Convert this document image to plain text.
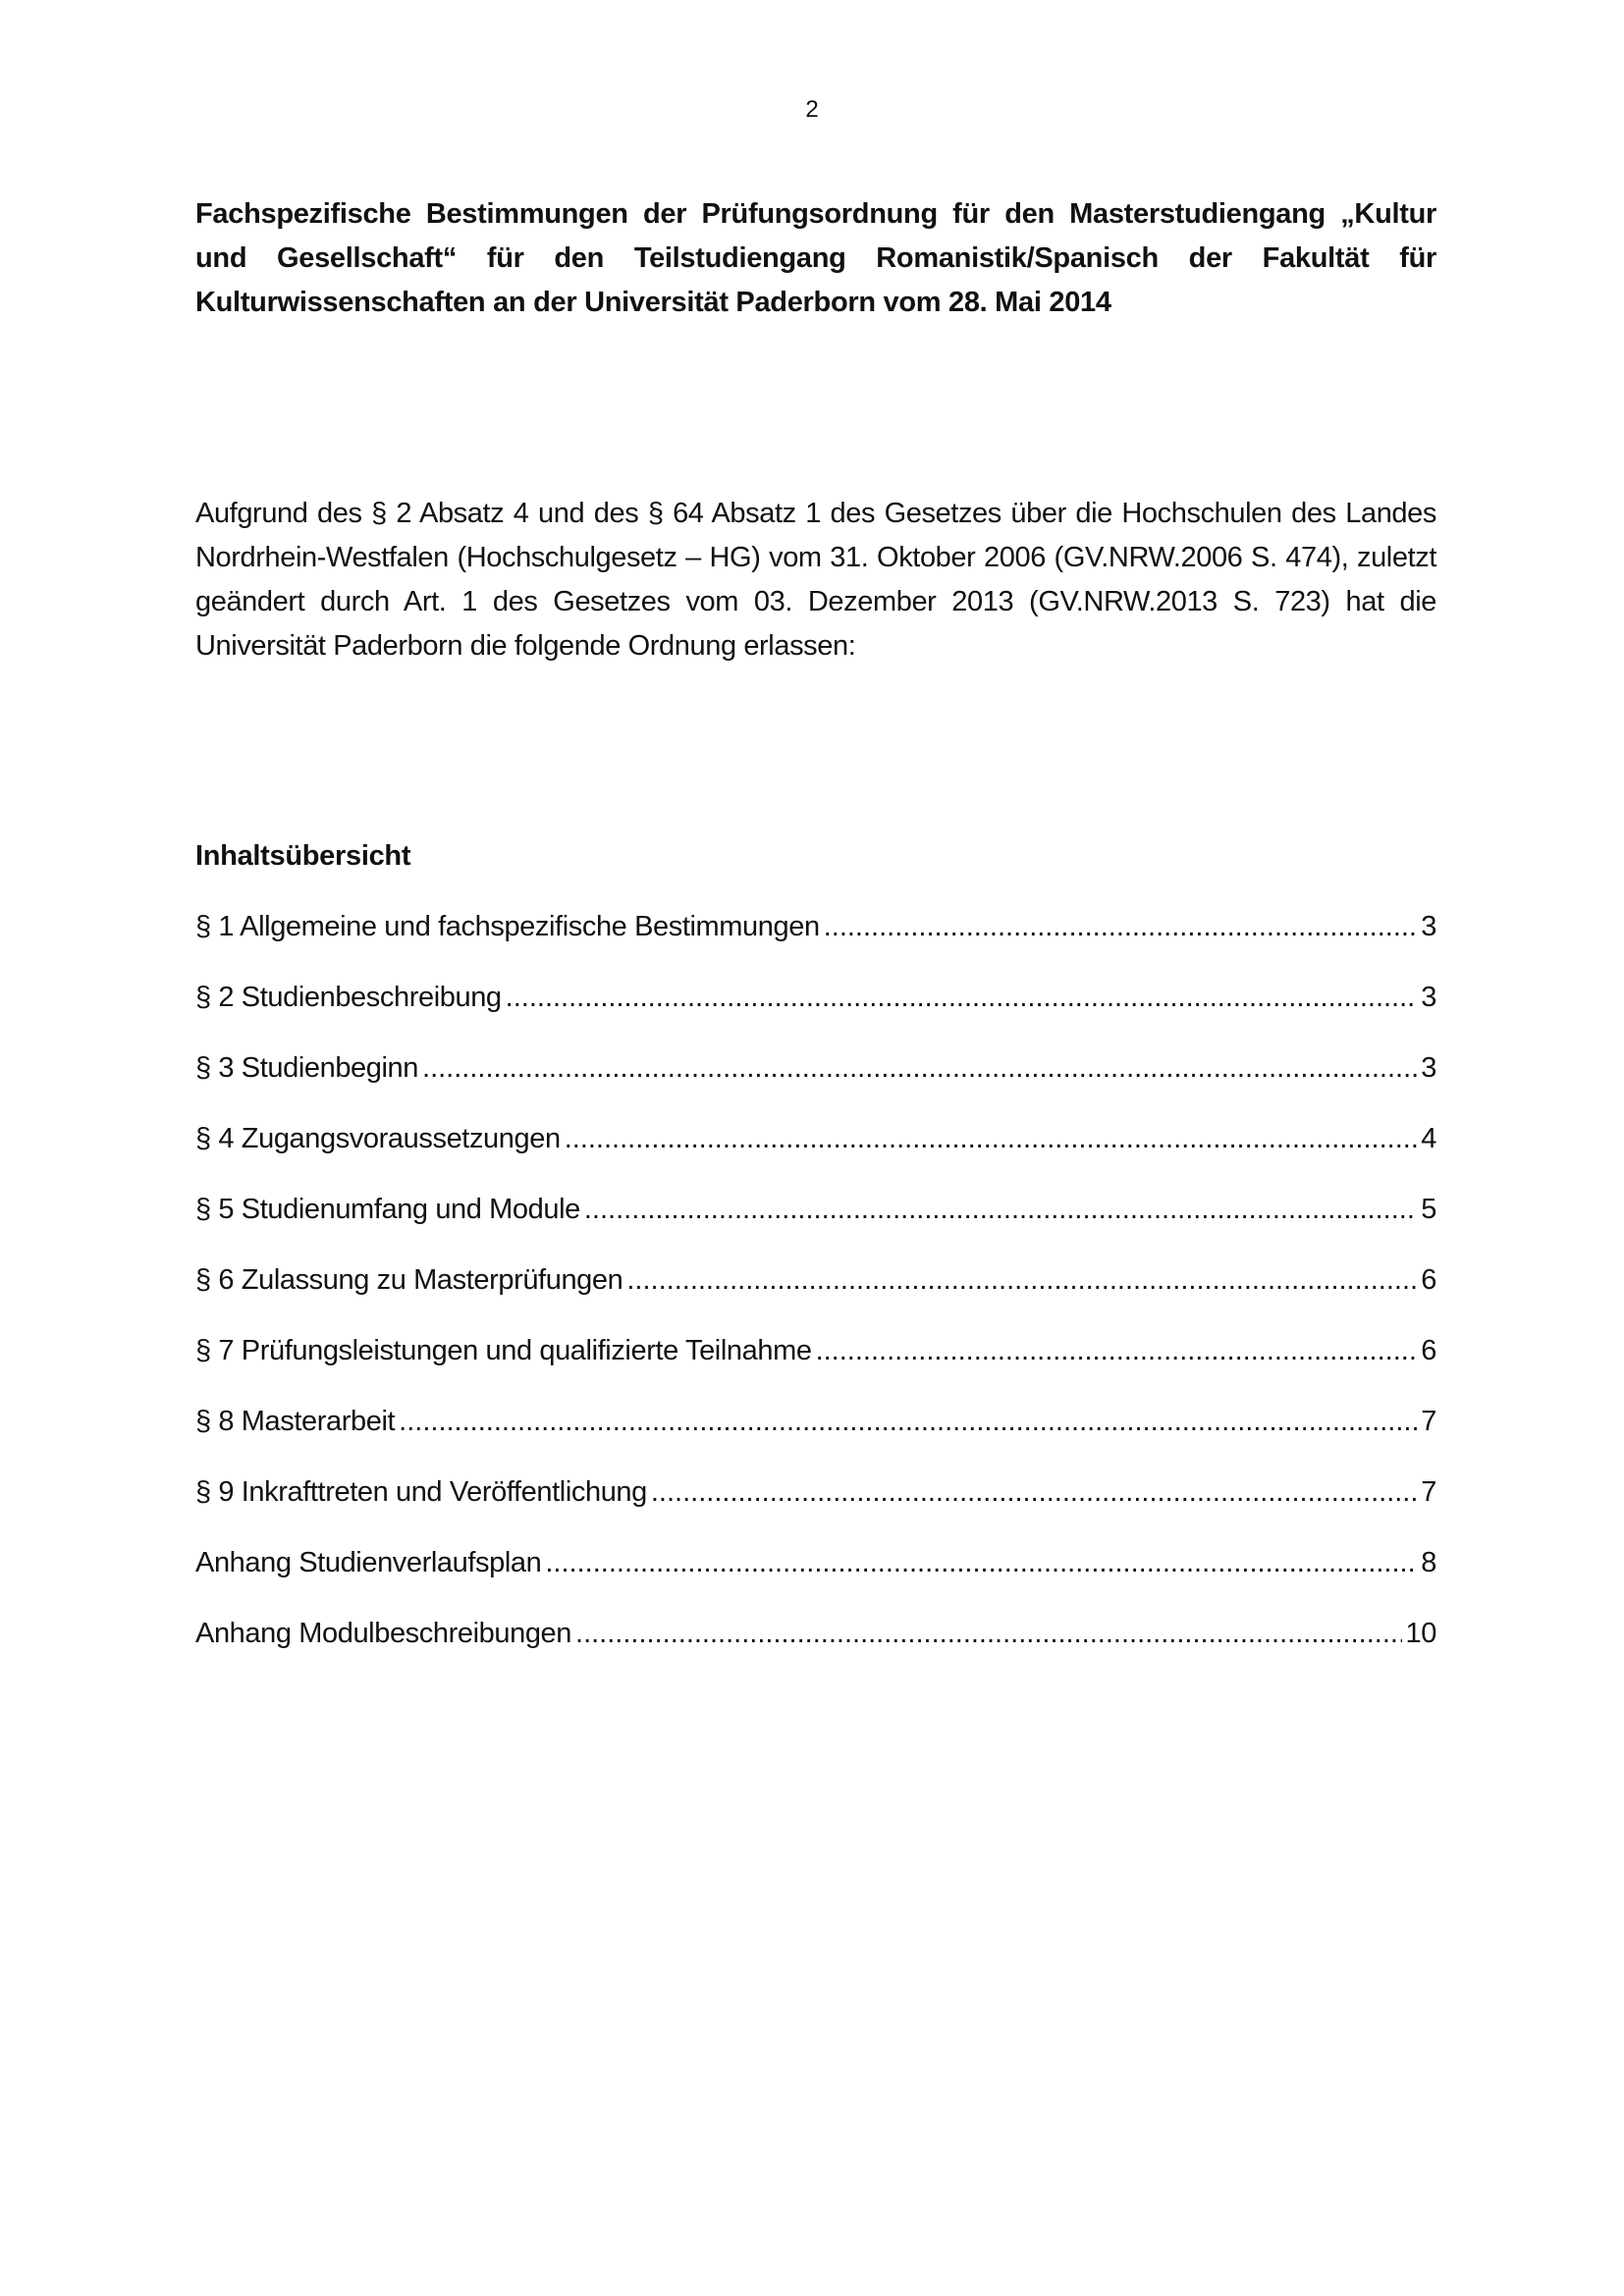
2

Fachspezifische Bestimmungen der Prüfungsordnung für den Masterstudiengang „Kultur und Gesellschaft“ für den Teilstudiengang Romanistik/Spanisch der Fakultät für Kulturwissenschaften an der Universität Paderborn vom 28. Mai 2014

Aufgrund des § 2 Absatz 4 und des § 64 Absatz 1 des Gesetzes über die Hochschulen des Landes Nordrhein-Westfalen (Hochschulgesetz – HG) vom 31. Oktober 2006 (GV.NRW.2006 S. 474), zuletzt geändert durch Art. 1 des Gesetzes vom 03. Dezember 2013 (GV.NRW.2013 S. 723) hat die Universität Paderborn die folgende Ordnung erlassen:

Inhaltsübersicht
§ 1 Allgemeine und fachspezifische Bestimmungen .....	3
§ 2 Studienbeschreibung .....	3
§ 3 Studienbeginn .....	3
§ 4 Zugangsvoraussetzungen .....	4
§ 5 Studienumfang und Module .....	5
§ 6 Zulassung zu Masterprüfungen .....	6
§ 7 Prüfungsleistungen und qualifizierte Teilnahme .....	6
§ 8 Masterarbeit .....	7
§ 9 Inkrafttreten und Veröffentlichung .....	7
Anhang Studienverlaufsplan .....	8
Anhang Modulbeschreibungen .....	10
